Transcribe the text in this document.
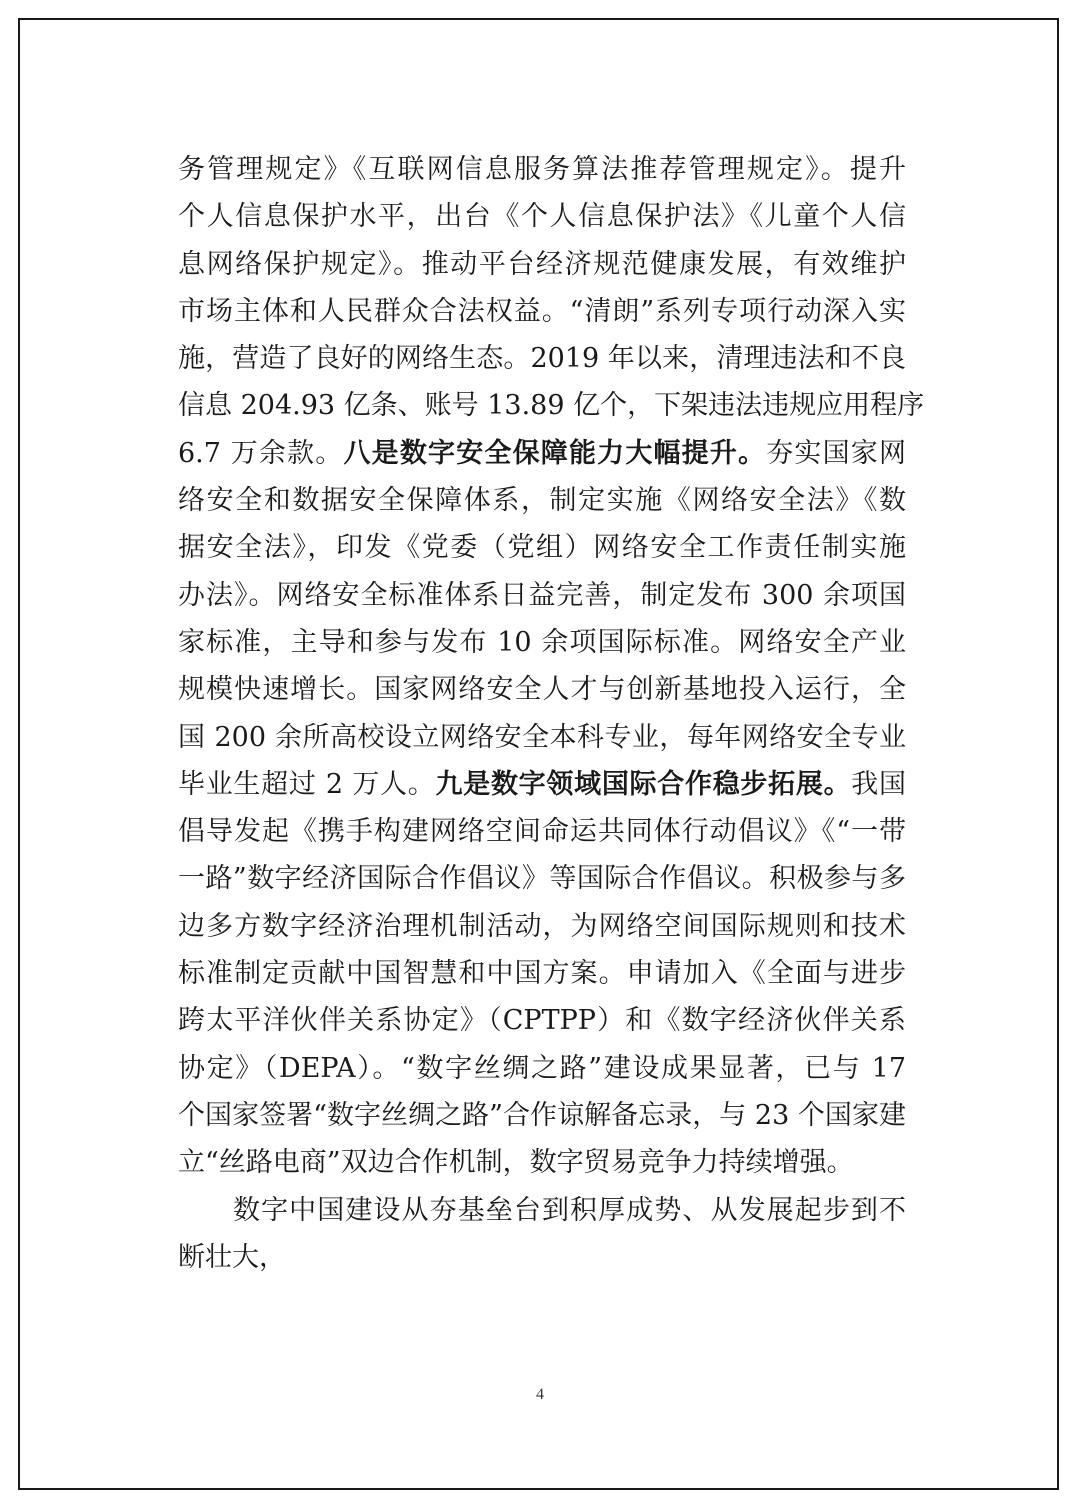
务管理规定》《互联网信息服务算法推荐管理规定》。提升
个人信息保护水平，出台《个人信息保护法》《儿童个人信
息网络保护规定》。推动平台经济规范健康发展，有效维护
市场主体和人民群众合法权益。“清朗”系列专项行动深入实
施，营造了良好的网络生态。2019 年以来，清理违法和不良
信息 204.93 亿条、账号 13.89 亿个，下架违法违规应用程序
6.7 万余款。八是数字安全保障能力大幅提升。夯实国家网
络安全和数据安全保障体系，制定实施《网络安全法》《数
据安全法》，印发《党委（党组）网络安全工作责任制实施
办法》。网络安全标准体系日益完善，制定发布 300 余项国
家标准，主导和参与发布 10 余项国际标准。网络安全产业
规模快速增长。国家网络安全人才与创新基地投入运行，全
国 200 余所高校设立网络安全本科专业，每年网络安全专业
毕业生超过 2 万人。九是数字领域国际合作稳步拓展。我国
倡导发起《携手构建网络空间命运共同体行动倡议》《“一带
一路”数字经济国际合作倡议》等国际合作倡议。积极参与多
边多方数字经济治理机制活动，为网络空间国际规则和技术
标准制定贡献中国智慧和中国方案。申请加入《全面与进步
跨太平洋伙伴关系协定》（CPTPP）和《数字经济伙伴关系
协定》（DEPA）。“数字丝绸之路”建设成果显著，已与 17
个国家签署“数字丝绸之路”合作谅解备忘录，与 23 个国家建
立“丝路电商”双边合作机制，数字贸易竞争力持续增强。
数字中国建设从夯基垒台到积厚成势、从发展起步到不
断壮大，
4
